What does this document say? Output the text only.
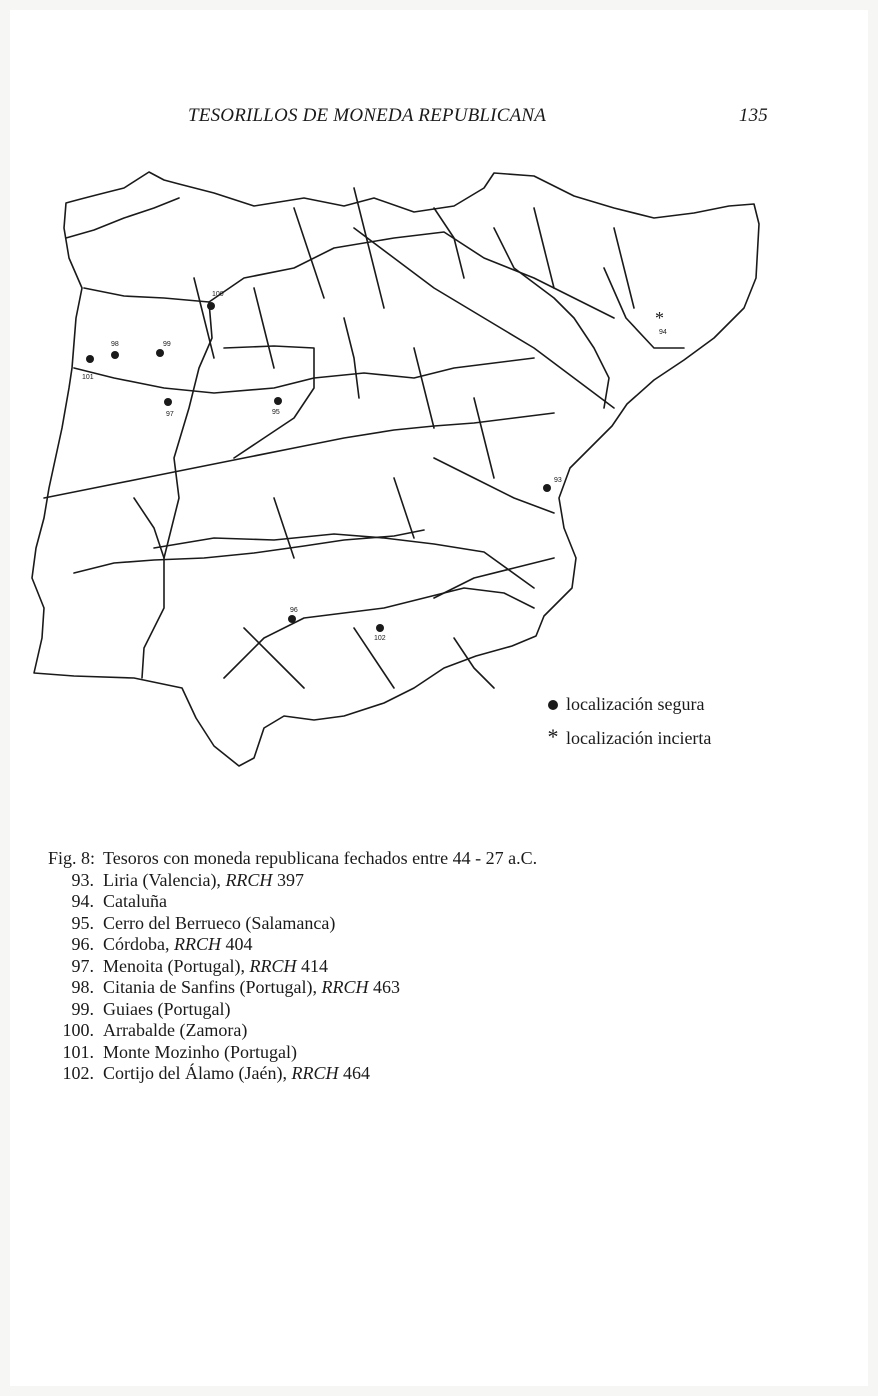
TESORILLOS DE MONEDA REPUBLICANA	135
93
*
94
95
96
97
98	99
100
101
102
localización segura
* localización incierta
Fig. 8: Tesoros con moneda republicana fechados entre 44 - 27 a.C.
93. Liria (Valencia), RRCH 397
94. Cataluña
95. Cerro del Berrueco (Salamanca)
96. Córdoba, RRCH 404
97. Menoita (Portugal), RRCH 414
98. Citania de Sanfins (Portugal), RRCH 463
99. Guiaes (Portugal)
100. Arrabalde (Zamora)
101. Monte Mozinho (Portugal)
102. Cortijo del Álamo (Jaén), RRCH 464
